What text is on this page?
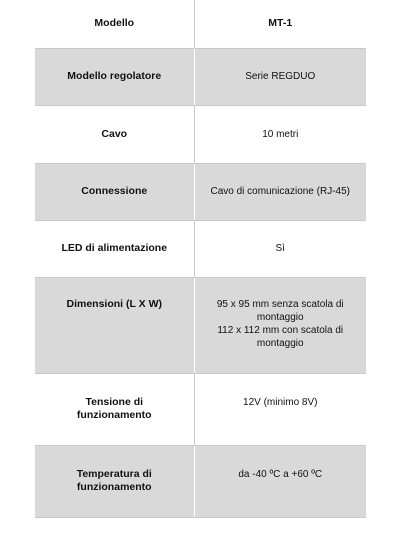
Modello	MT-1
Modello regolatore	Serie REGDUO
Cavo	10 metri
Connessione	Cavo di comunicazione (RJ-45)
LED di alimentazione	Sì
Dimensioni (L X W)	95 x 95 mm senza scatola di
montaggio
112 x 112 mm con scatola di
montaggio
Tensione di
funzionamento	12V (minimo 8V)
Temperatura di
funzionamento	da -40 ºC a +60 ºC
